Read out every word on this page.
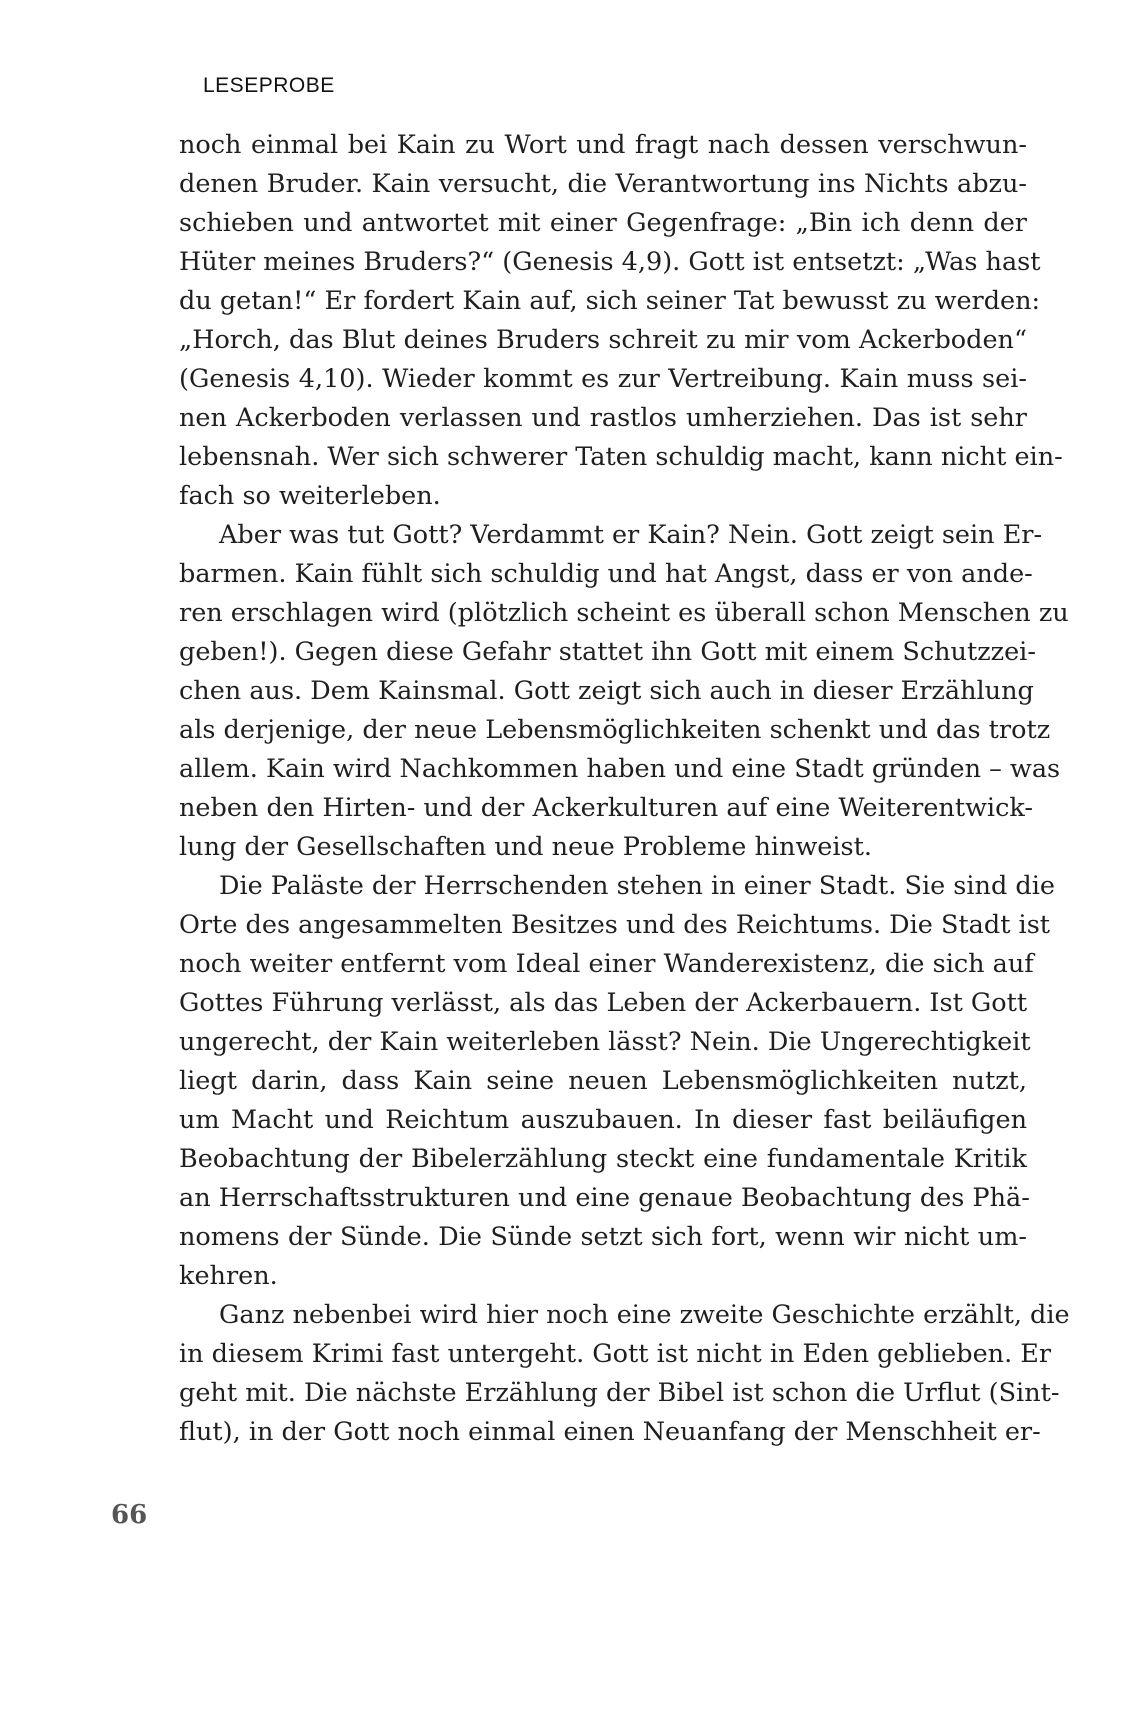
LESEPROBE
noch einmal bei Kain zu Wort und fragt nach dessen verschwun-
denen Bruder. Kain versucht, die Verantwortung ins Nichts abzu-
schieben und antwortet mit einer Gegenfrage: „Bin ich denn der
Hüter meines Bruders?“ (Genesis 4,9). Gott ist entsetzt: „Was hast
du getan!“ Er fordert Kain auf, sich seiner Tat bewusst zu werden:
„Horch, das Blut deines Bruders schreit zu mir vom Ackerboden“
(Genesis 4,10). Wieder kommt es zur Vertreibung. Kain muss sei-
nen Ackerboden verlassen und rastlos umherziehen. Das ist sehr
lebensnah. Wer sich schwerer Taten schuldig macht, kann nicht ein-
fach so weiterleben.
Aber was tut Gott? Verdammt er Kain? Nein. Gott zeigt sein Er-
barmen. Kain fühlt sich schuldig und hat Angst, dass er von ande-
ren erschlagen wird (plötzlich scheint es überall schon Menschen zu
geben!). Gegen diese Gefahr stattet ihn Gott mit einem Schutzzei-
chen aus. Dem Kainsmal. Gott zeigt sich auch in dieser Erzählung
als derjenige, der neue Lebensmöglichkeiten schenkt und das trotz
allem. Kain wird Nachkommen haben und eine Stadt gründen – was
neben den Hirten- und der Ackerkulturen auf eine Weiterentwick-
lung der Gesellschaften und neue Probleme hinweist.
Die Paläste der Herrschenden stehen in einer Stadt. Sie sind die
Orte des angesammelten Besitzes und des Reichtums. Die Stadt ist
noch weiter entfernt vom Ideal einer Wanderexistenz, die sich auf
Gottes Führung verlässt, als das Leben der Ackerbauern. Ist Gott
ungerecht, der Kain weiterleben lässt? Nein. Die Ungerechtigkeit
liegt darin, dass Kain seine neuen Lebensmöglichkeiten nutzt,
um Macht und Reichtum auszubauen. In dieser fast beiläufigen
Beobachtung der Bibelerzählung steckt eine fundamentale Kritik
an Herrschaftsstrukturen und eine genaue Beobachtung des Phä-
nomens der Sünde. Die Sünde setzt sich fort, wenn wir nicht um-
kehren.
Ganz nebenbei wird hier noch eine zweite Geschichte erzählt, die
in diesem Krimi fast untergeht. Gott ist nicht in Eden geblieben. Er
geht mit. Die nächste Erzählung der Bibel ist schon die Urflut (Sint-
flut), in der Gott noch einmal einen Neuanfang der Menschheit er-
66
